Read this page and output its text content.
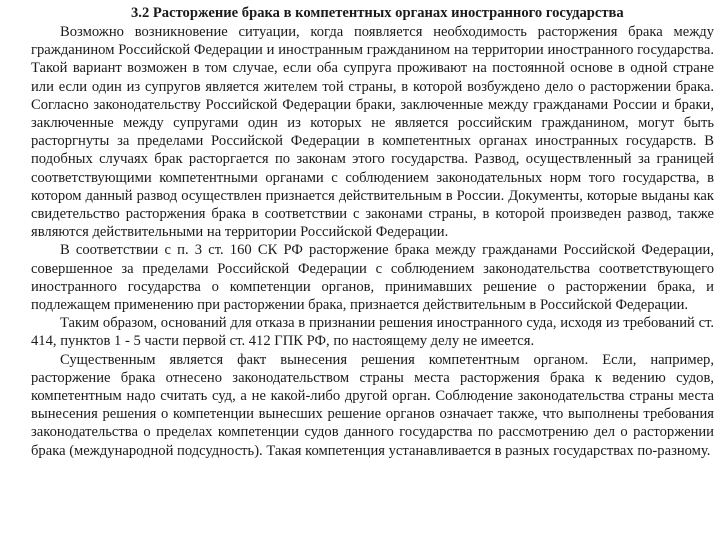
3.2 Расторжение брака в компетентных органах иностранного государства

Возможно возникновение ситуации, когда появляется необходимость расторжения брака между гражданином Российской Федерации и иностранным гражданином на территории иностранного государства. Такой вариант возможен в том случае, если оба супруга проживают на постоянной основе в одной стране или если один из супругов является жителем той страны, в которой возбуждено дело о расторжении брака. Согласно законодательству Российской Федерации браки, заключенные между гражданами России и браки, заключенные между супругами один из которых не является российским гражданином, могут быть расторгнуты за пределами Российской Федерации в компетентных органах иностранных государств. В подобных случаях брак расторгается по законам этого государства. Развод, осуществленный за границей соответствующими компетентными органами с соблюдением законодательных норм того государства, в котором данный развод осуществлен признается действительным в России. Документы, которые выданы как свидетельство расторжения брака в соответствии с законами страны, в которой произведен развод, также являются действительными на территории Российской Федерации.

В соответствии с п. 3 ст. 160 СК РФ расторжение брака между гражданами Российской Федерации, совершенное за пределами Российской Федерации с соблюдением законодательства соответствующего иностранного государства о компетенции органов, принимавших решение о расторжении брака, и подлежащем применению при расторжении брака, признается действительным в Российской Федерации.

Таким образом, оснований для отказа в признании решения иностранного суда, исходя из требований ст. 414, пунктов 1 - 5 части первой ст. 412 ГПК РФ, по настоящему делу не имеется.

Существенным является факт вынесения решения компетентным органом. Если, например, расторжение брака отнесено законодательством страны места расторжения брака к ведению судов, компетентным надо считать суд, а не какой-либо другой орган. Соблюдение законодательства страны места вынесения решения о компетенции вынесших решение органов означает также, что выполнены требования законодательства о пределах компетенции судов данного государства по рассмотрению дел о расторжении брака (международной подсудность). Такая компетенция устанавливается в разных государствах по-разному.
